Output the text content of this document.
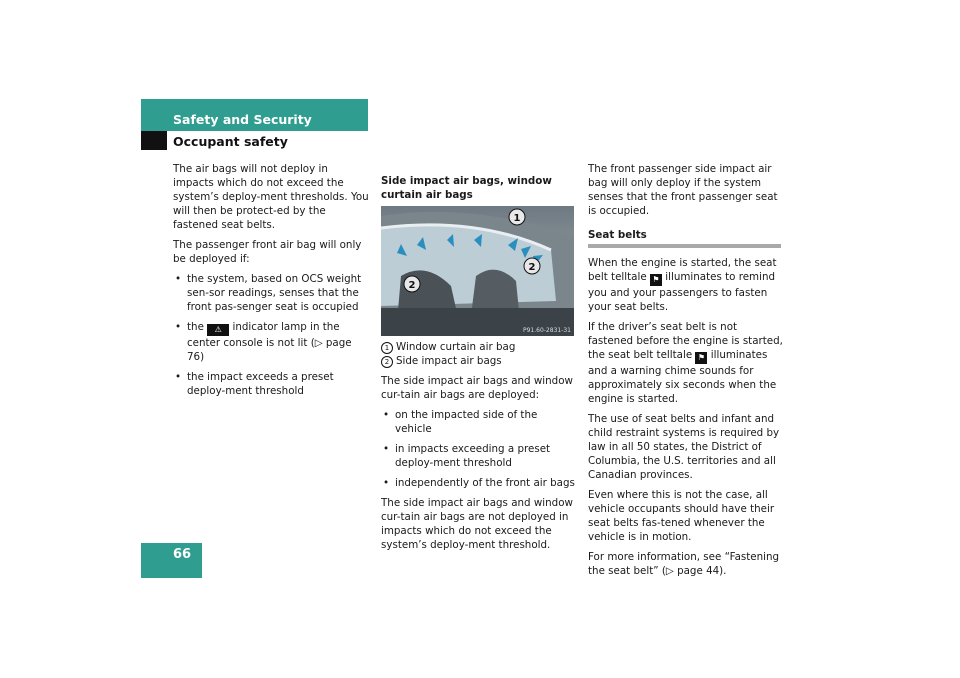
Safety and Security
Occupant safety

The air bags will not deploy in impacts which do not exceed the system’s deploy-ment thresholds. You will then be protect-ed by the fastened seat belts.

The passenger front air bag will only be deployed if:

• the system, based on OCS weight sen-sor readings, senses that the front pas-senger seat is occupied
• the ⚠ indicator lamp in the center console is not lit (▷ page 76)
• the impact exceeds a preset deploy-ment threshold
Side impact air bags, window curtain air bags
1
2
2
P91.60-2831-31

1 Window curtain air bag

2 Side impact air bags

The side impact air bags and window cur-tain air bags are deployed:

• on the impacted side of the vehicle
• in impacts exceeding a preset deploy-ment threshold
• independently of the front air bags

The side impact air bags and window cur-tain air bags are not deployed in impacts which do not exceed the system’s deploy-ment threshold.

The front passenger side impact air bag will only deploy if the system senses that the front passenger seat is occupied.

Seat belts

When the engine is started, the seat belt telltale ⚑ illuminates to remind you and your passengers to fasten your seat belts.

If the driver’s seat belt is not fastened before the engine is started, the seat belt telltale ⚑ illuminates and a warning chime sounds for approximately six seconds when the engine is started.

The use of seat belts and infant and child restraint systems is required by law in all 50 states, the District of Columbia, the U.S. territories and all Canadian provinces.

Even where this is not the case, all vehicle occupants should have their seat belts fas-tened whenever the vehicle is in motion.

For more information, see “Fastening the seat belt” (▷ page 44).

66
